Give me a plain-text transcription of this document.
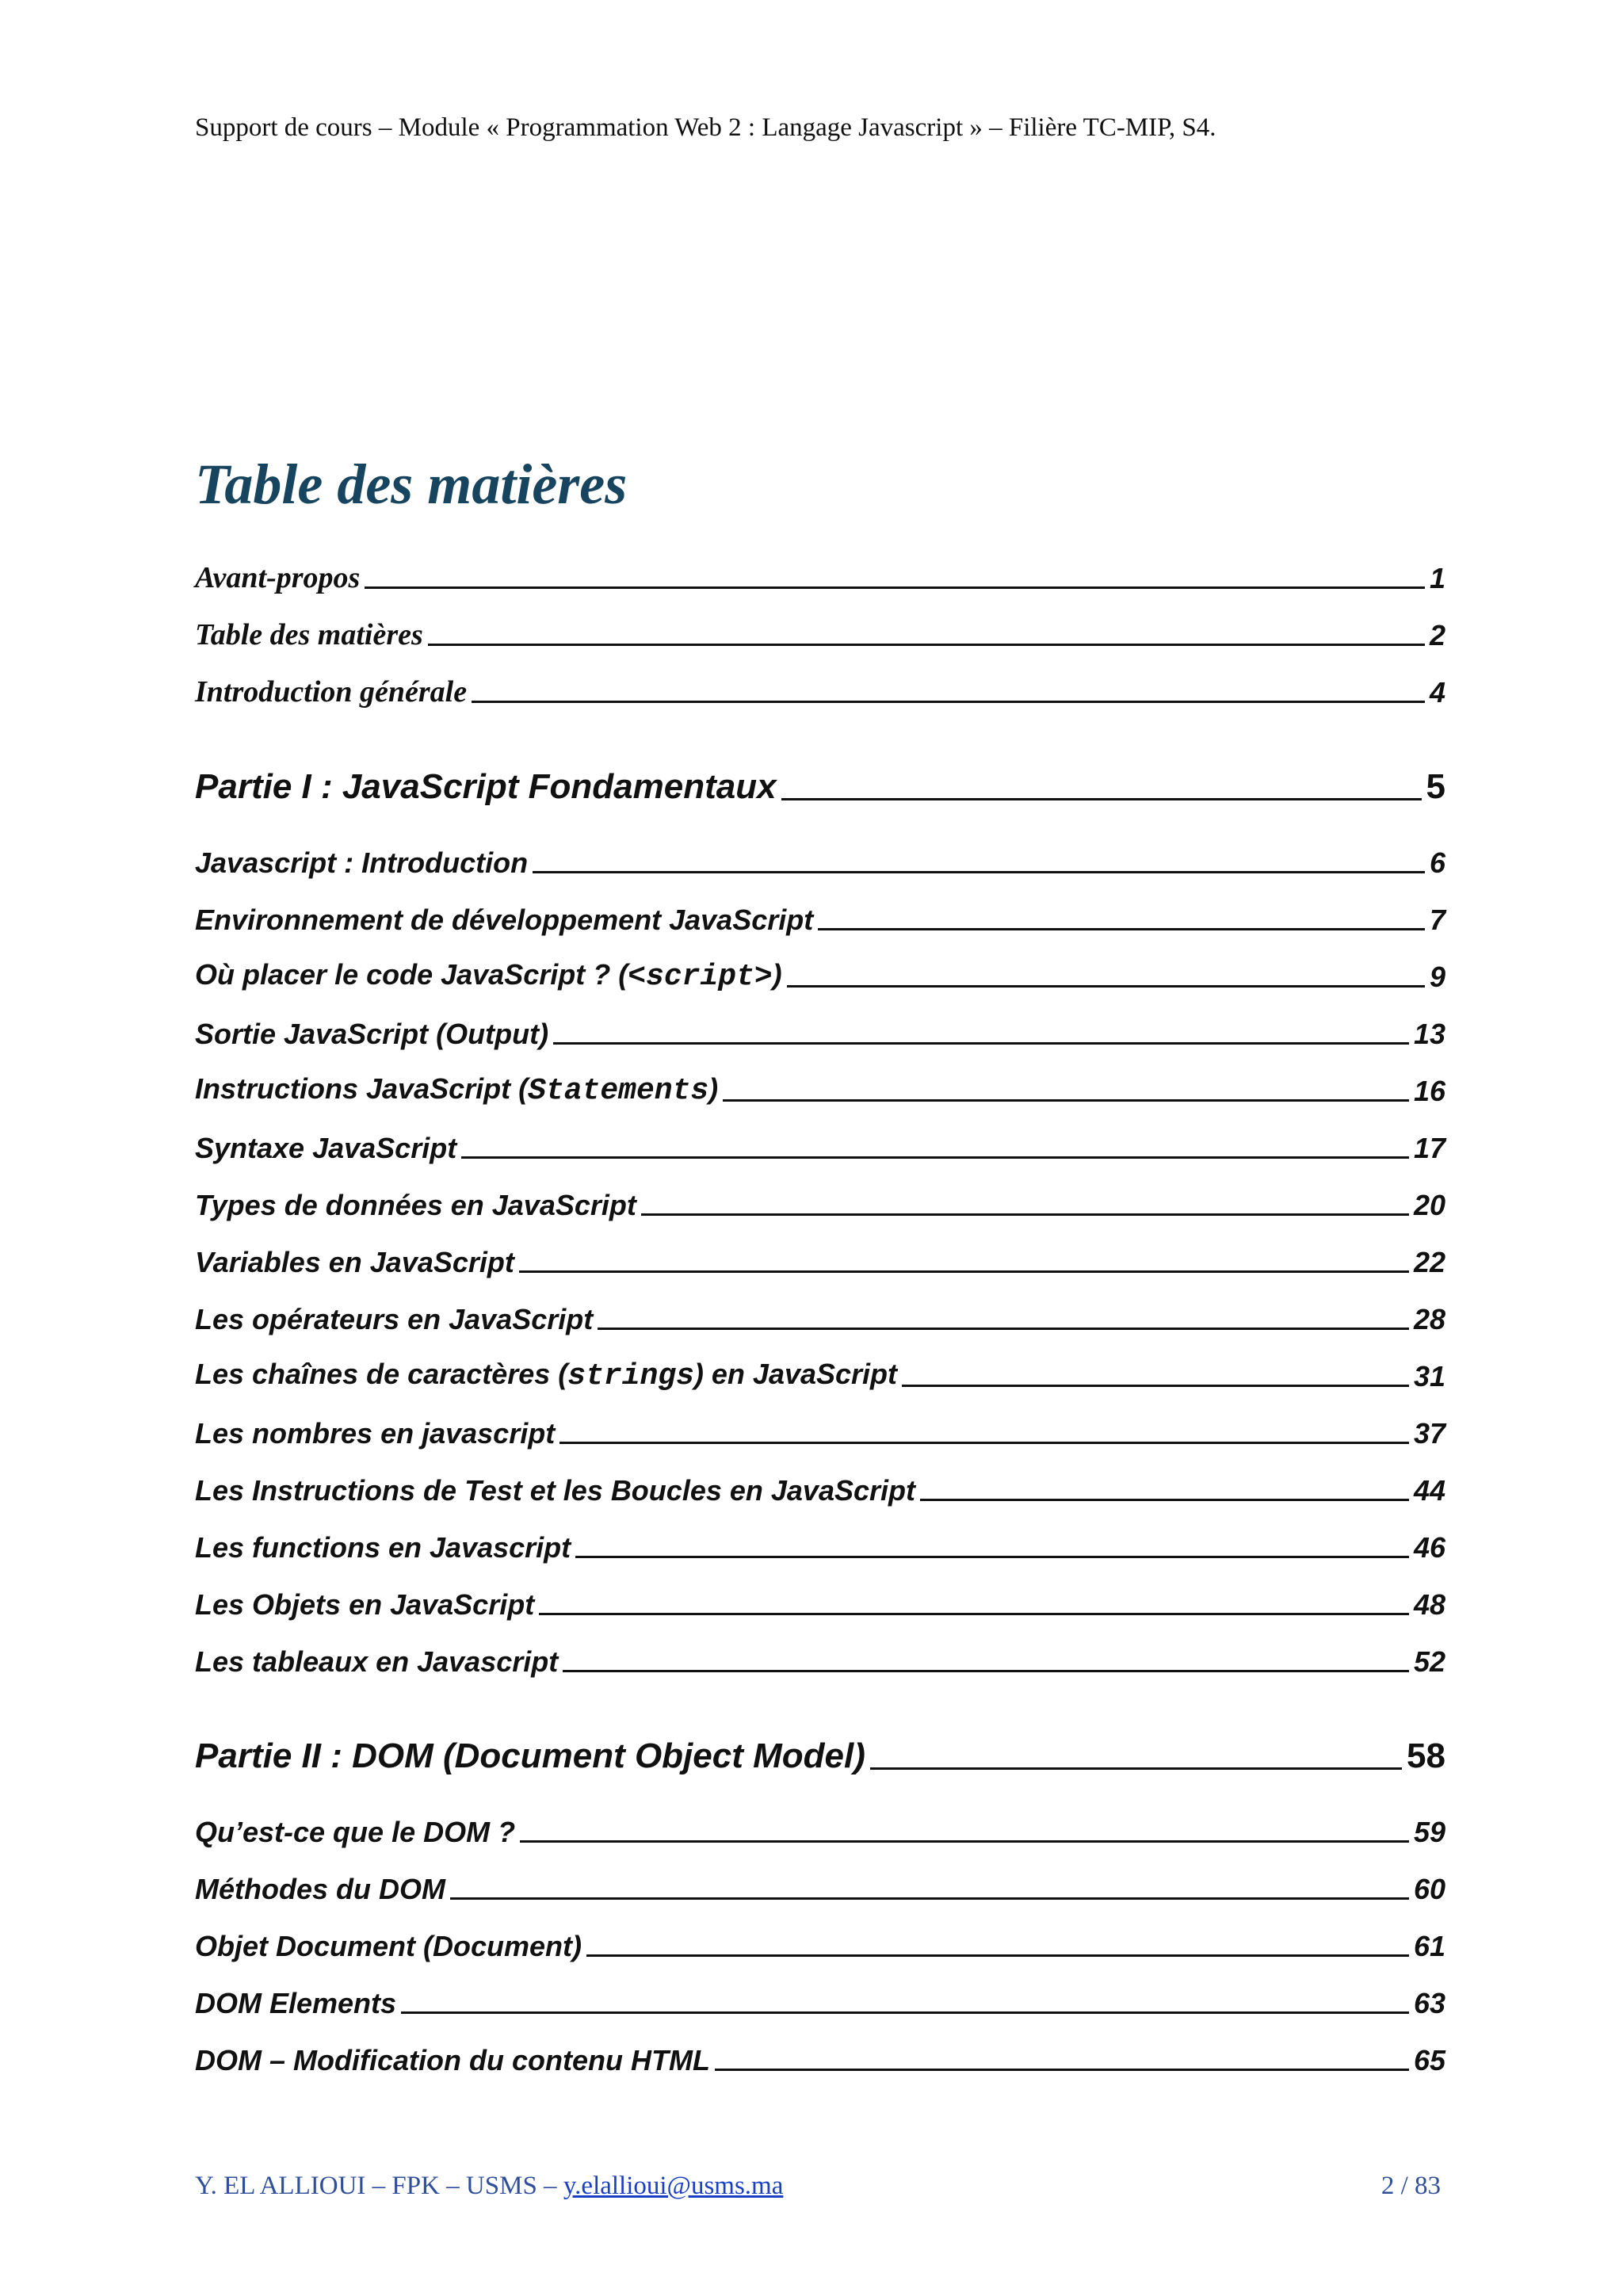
Support de cours – Module « Programmation Web 2 : Langage Javascript » – Filière TC-MIP, S4.
Table des matières
Avant-propos	1
Table des matières	2
Introduction générale	4
Partie I : JavaScript Fondamentaux	5
Javascript : Introduction	6
Environnement de développement JavaScript	7
Où placer le code JavaScript ? (<script>)	9
Sortie JavaScript (Output)	13
Instructions JavaScript (Statements)	16
Syntaxe JavaScript	17
Types de données en JavaScript	20
Variables en JavaScript	22
Les opérateurs en JavaScript	28
Les chaînes de caractères (strings) en JavaScript	31
Les nombres en javascript	37
Les Instructions de Test et les Boucles en JavaScript	44
Les functions en Javascript	46
Les Objets en JavaScript	48
Les tableaux en Javascript	52
Partie II : DOM (Document Object Model)	58
Qu’est-ce que le DOM ?	59
Méthodes du DOM	60
Objet Document (Document)	61
DOM Elements	63
DOM – Modification du contenu HTML	65
Y. EL ALLIOUI – FPK – USMS – y.elallioui@usms.ma	2 / 83
